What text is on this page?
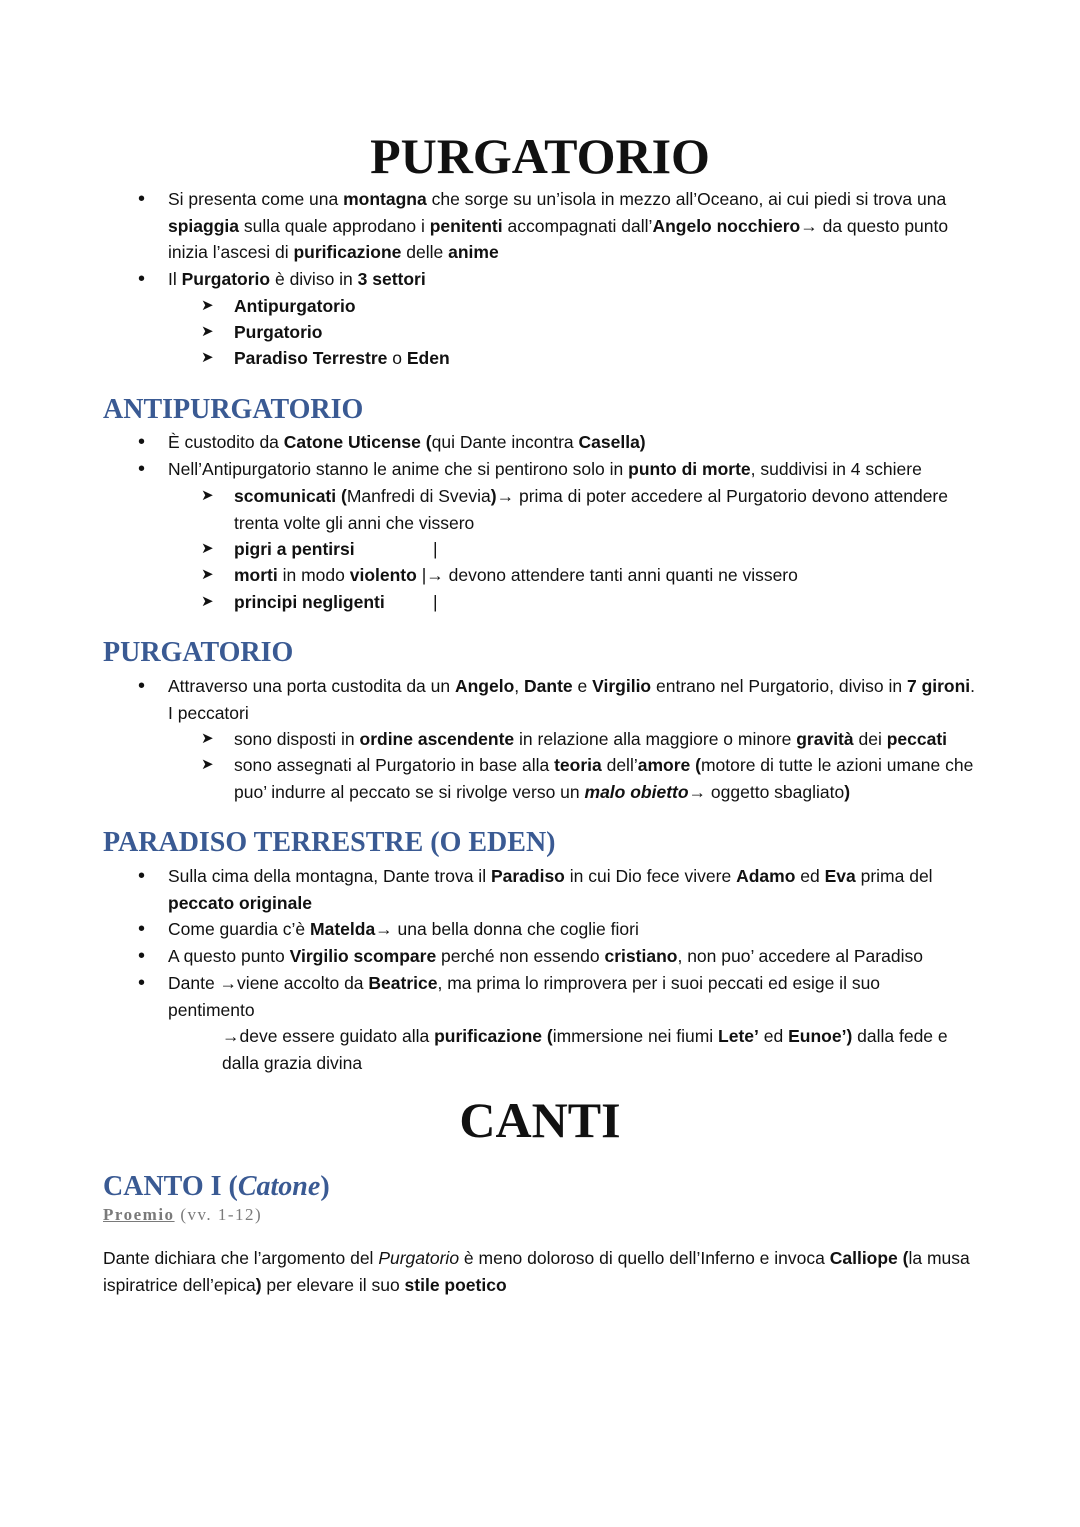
PURGATORIO
•
Si presenta come una montagna che sorge su un’isola in mezzo all’Oceano, ai cui piedi si trova una spiaggia sulla quale approdano i penitenti accompagnati dall’Angelo nocchiero→ da questo punto inizia l’ascesi di purificazione delle anime
•
Il Purgatorio è diviso in 3 settori
➤	Antipurgatorio
➤	Purgatorio
➤	Paradiso Terrestre o Eden
ANTIPURGATORIO
•
È custodito da Catone Uticense (qui Dante incontra Casella)
•
Nell’Antipurgatorio stanno le anime che si pentirono solo in punto di morte, suddivisi in 4 schiere
➤	scomunicati (Manfredi di Svevia)→ prima di poter accedere al Purgatorio devono attendere trenta volte gli anni che vissero
➤	pigri a pentirsi	|
➤	morti in modo violento |→ devono attendere tanti anni quanti ne vissero
➤	principi negligenti	|
PURGATORIO
•
Attraverso una porta custodita da un Angelo, Dante e Virgilio entrano nel Purgatorio, diviso in 7 gironi. I peccatori
➤	sono disposti in ordine ascendente in relazione alla maggiore o minore gravità dei peccati
➤	sono assegnati al Purgatorio in base alla teoria dell’amore (motore di tutte le azioni umane che puo’ indurre al peccato se si rivolge verso un malo obietto→ oggetto sbagliato)
PARADISO TERRESTRE (O EDEN)
•
Sulla cima della montagna, Dante trova il Paradiso in cui Dio fece vivere Adamo ed Eva prima del peccato originale
•
Come guardia c’è Matelda→ una bella donna che coglie fiori
•
A questo punto Virgilio scompare perché non essendo cristiano, non puo’ accedere al Paradiso
•
Dante →viene accolto da Beatrice, ma prima lo rimprovera per i suoi peccati ed esige il suo pentimento
→deve essere guidato alla purificazione (immersione nei fiumi Lete’ ed Eunoe’) dalla fede e dalla grazia divina
CANTI
CANTO I (Catone)
Proemio (vv. 1-12)
Dante dichiara che l’argomento del Purgatorio è meno doloroso di quello dell’Inferno e invoca Calliope (la musa ispiratrice dell’epica) per elevare il suo stile poetico
